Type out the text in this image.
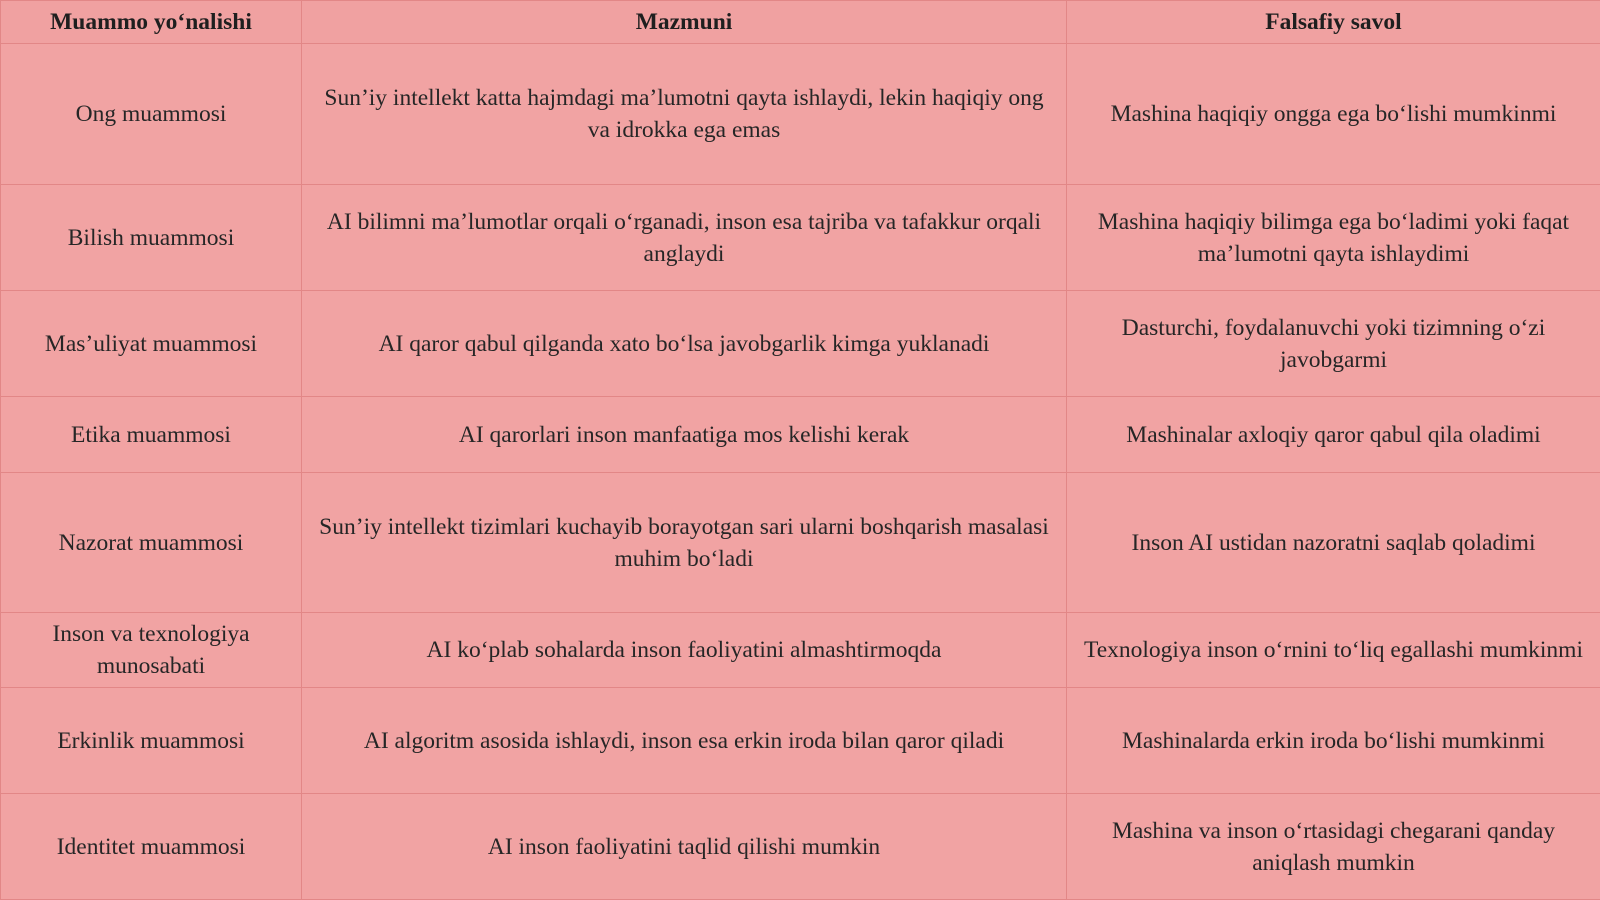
Muammo yo‘nalishi	Mazmuni	Falsafiy savol
Ong muammosi	Sun’iy intellekt katta hajmdagi ma’lumotni qayta ishlaydi, lekin haqiqiy ong va idrokka ega emas	Mashina haqiqiy ongga ega bo‘lishi mumkinmi
Bilish muammosi	AI bilimni ma’lumotlar orqali o‘rganadi, inson esa tajriba va tafakkur orqali anglaydi	Mashina haqiqiy bilimga ega bo‘ladimi yoki faqat ma’lumotni qayta ishlaydimi
Mas’uliyat muammosi	AI qaror qabul qilganda xato bo‘lsa javobgarlik kimga yuklanadi	Dasturchi, foydalanuvchi yoki tizimning o‘zi javobgarmi
Etika muammosi	AI qarorlari inson manfaatiga mos kelishi kerak	Mashinalar axloqiy qaror qabul qila oladimi
Nazorat muammosi	Sun’iy intellekt tizimlari kuchayib borayotgan sari ularni boshqarish masalasi muhim bo‘ladi	Inson AI ustidan nazoratni saqlab qoladimi
Inson va texnologiya munosabati	AI ko‘plab sohalarda inson faoliyatini almashtirmoqda	Texnologiya inson o‘rnini to‘liq egallashi mumkinmi
Erkinlik muammosi	AI algoritm asosida ishlaydi, inson esa erkin iroda bilan qaror qiladi	Mashinalarda erkin iroda bo‘lishi mumkinmi
Identitet muammosi	AI inson faoliyatini taqlid qilishi mumkin	Mashina va inson o‘rtasidagi chegarani qanday aniqlash mumkin
